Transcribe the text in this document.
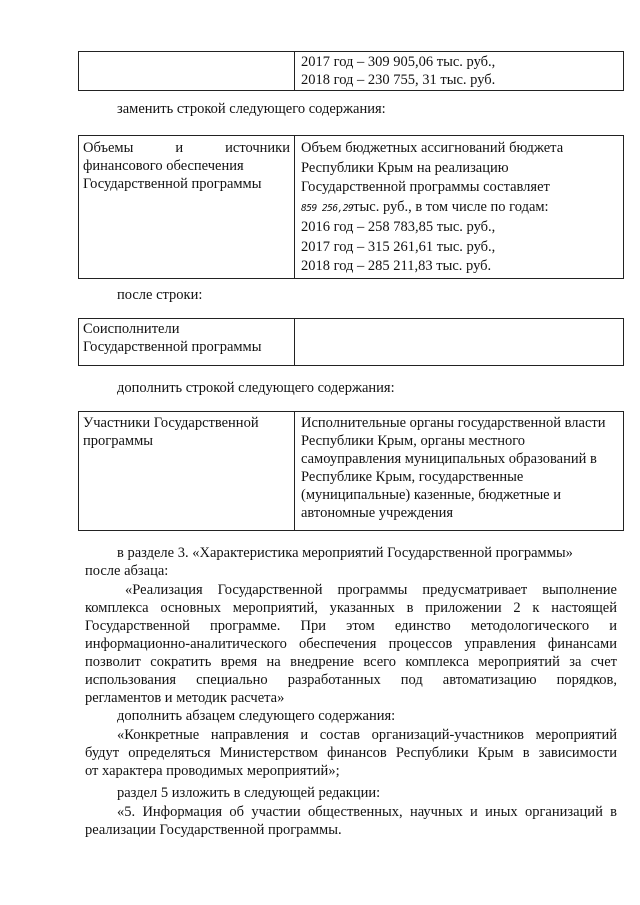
2017 год – 309 905,06 тыс. руб.,
2018 год – 230 755, 31 тыс. руб.
заменить строкой следующего содержания:
Объемы	и	источники
финансового обеспечения
Государственной программы

Объем бюджетных ассигнований бюджета
Республики Крым на реализацию
Государственной программы составляет
859 256,29тыс. руб., в том числе по годам:
2016 год – 258 783,85 тыс. руб.,
2017 год – 315 261,61 тыс. руб.,
2018 год – 285 211,83 тыс. руб.
после строки:
Соисполнители
Государственной программы

дополнить строкой следующего содержания:
Участники Государственной
программы

Исполнительные органы государственной власти
Республики Крым, органы местного
самоуправления муниципальных образований в
Республике Крым, государственные
(муниципальные) казенные, бюджетные и
автономные учреждения
в разделе 3. «Характеристика мероприятий Государственной программы»
после абзаца:
«Реализация Государственной программы предусматривает выполнение
комплекса основных мероприятий, указанных в приложении 2 к настоящей
Государственной программе. При этом единство методологического и
информационно-аналитического обеспечения процессов управления финансами
позволит сократить время на внедрение всего комплекса мероприятий за счет
использования специально разработанных под автоматизацию порядков,
регламентов и методик расчета»
дополнить абзацем следующего содержания:
«Конкретные направления и состав организаций-участников мероприятий
будут определяться Министерством финансов Республики Крым в зависимости
от характера проводимых мероприятий»;
раздел 5 изложить в следующей редакции:
«5. Информация об участии общественных, научных и иных организаций в
реализации Государственной программы.
